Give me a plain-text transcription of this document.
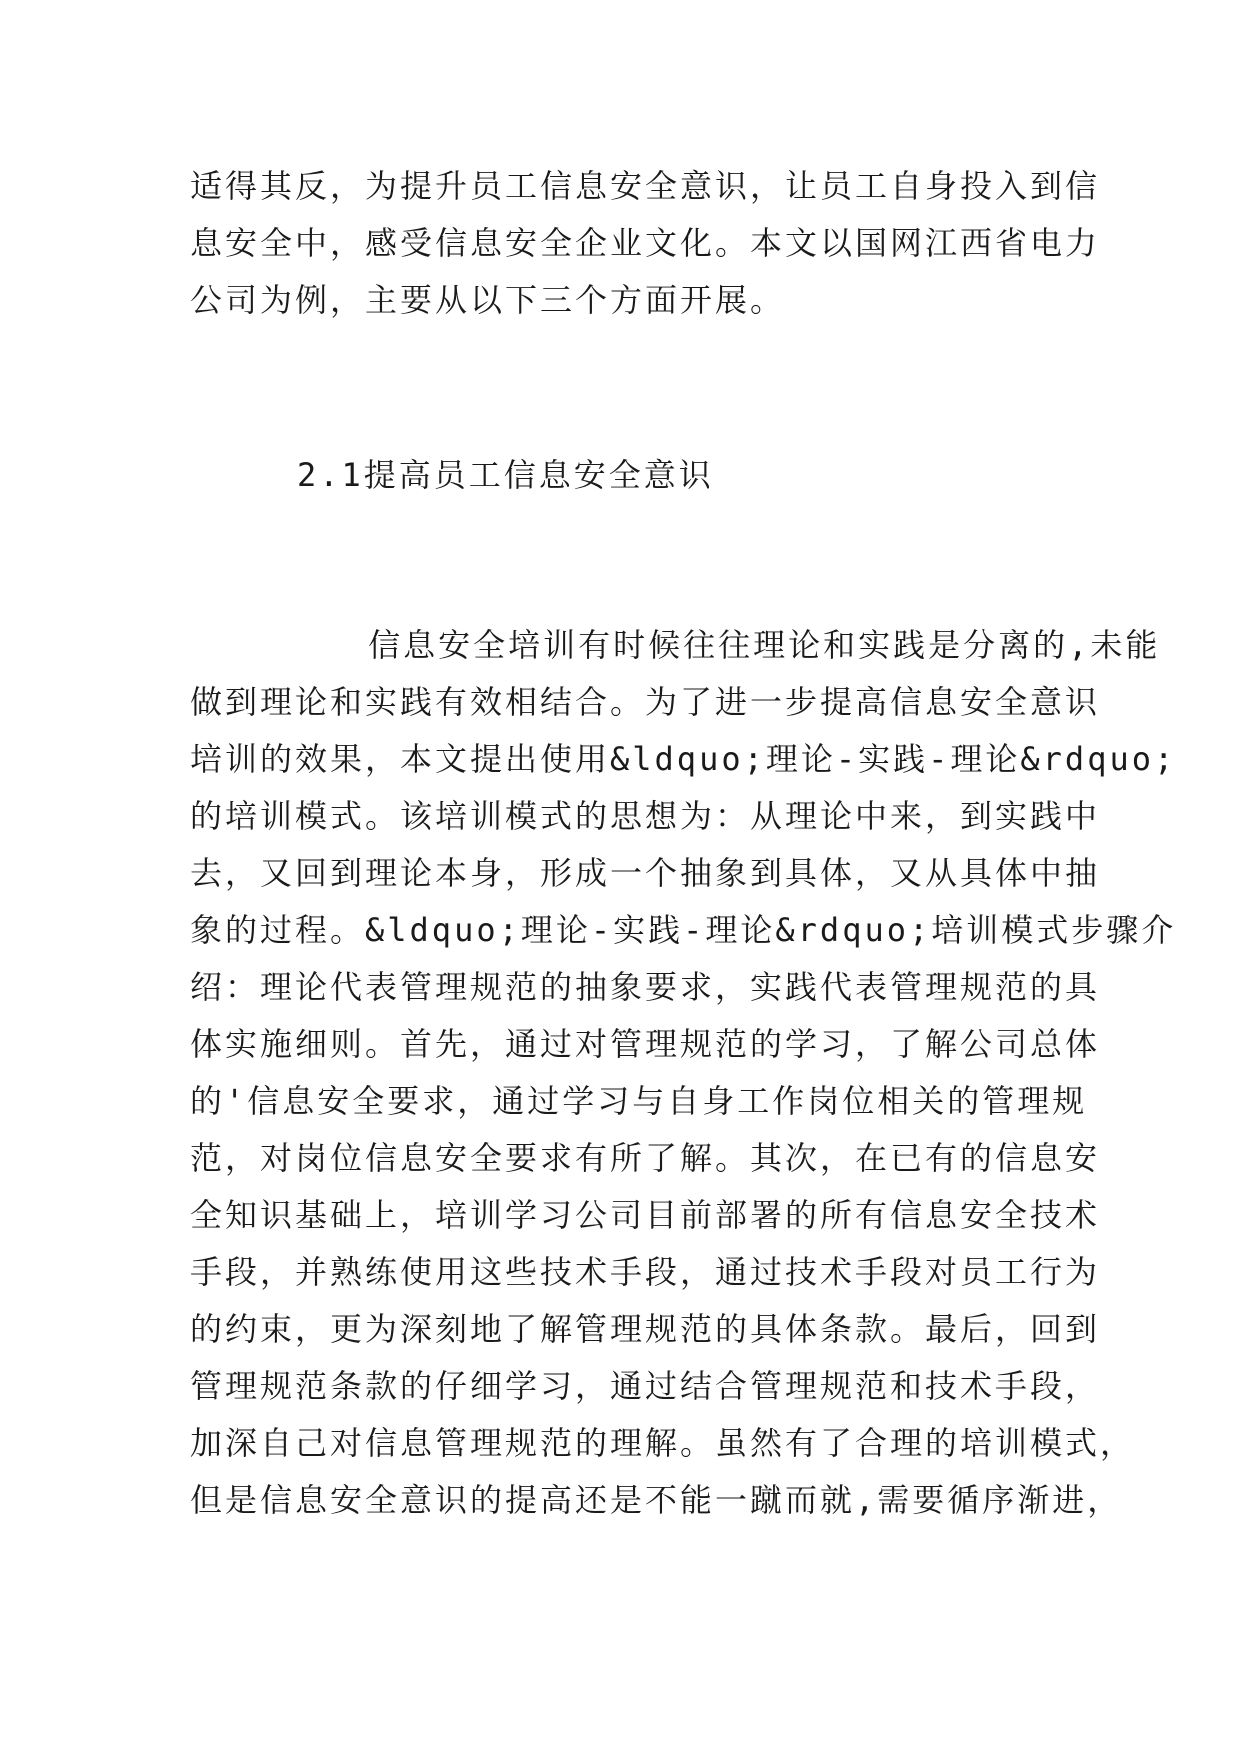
适得其反，为提升员工信息安全意识，让员工自身投入到信
息安全中，感受信息安全企业文化。本文以国网江西省电力
公司为例，主要从以下三个方面开展。
2.1提高员工信息安全意识
信息安全培训有时候往往理论和实践是分离的,未能
做到理论和实践有效相结合。为了进一步提高信息安全意识
培训的效果，本文提出使用&ldquo;理论-实践-理论&rdquo;
的培训模式。该培训模式的思想为：从理论中来，到实践中
去，又回到理论本身，形成一个抽象到具体，又从具体中抽
象的过程。&ldquo;理论-实践-理论&rdquo;培训模式步骤介
绍：理论代表管理规范的抽象要求，实践代表管理规范的具
体实施细则。首先，通过对管理规范的学习，了解公司总体
的'信息安全要求，通过学习与自身工作岗位相关的管理规
范，对岗位信息安全要求有所了解。其次，在已有的信息安
全知识基础上，培训学习公司目前部署的所有信息安全技术
手段，并熟练使用这些技术手段，通过技术手段对员工行为
的约束，更为深刻地了解管理规范的具体条款。最后，回到
管理规范条款的仔细学习，通过结合管理规范和技术手段，
加深自己对信息管理规范的理解。虽然有了合理的培训模式，
但是信息安全意识的提高还是不能一蹴而就,需要循序渐进，
